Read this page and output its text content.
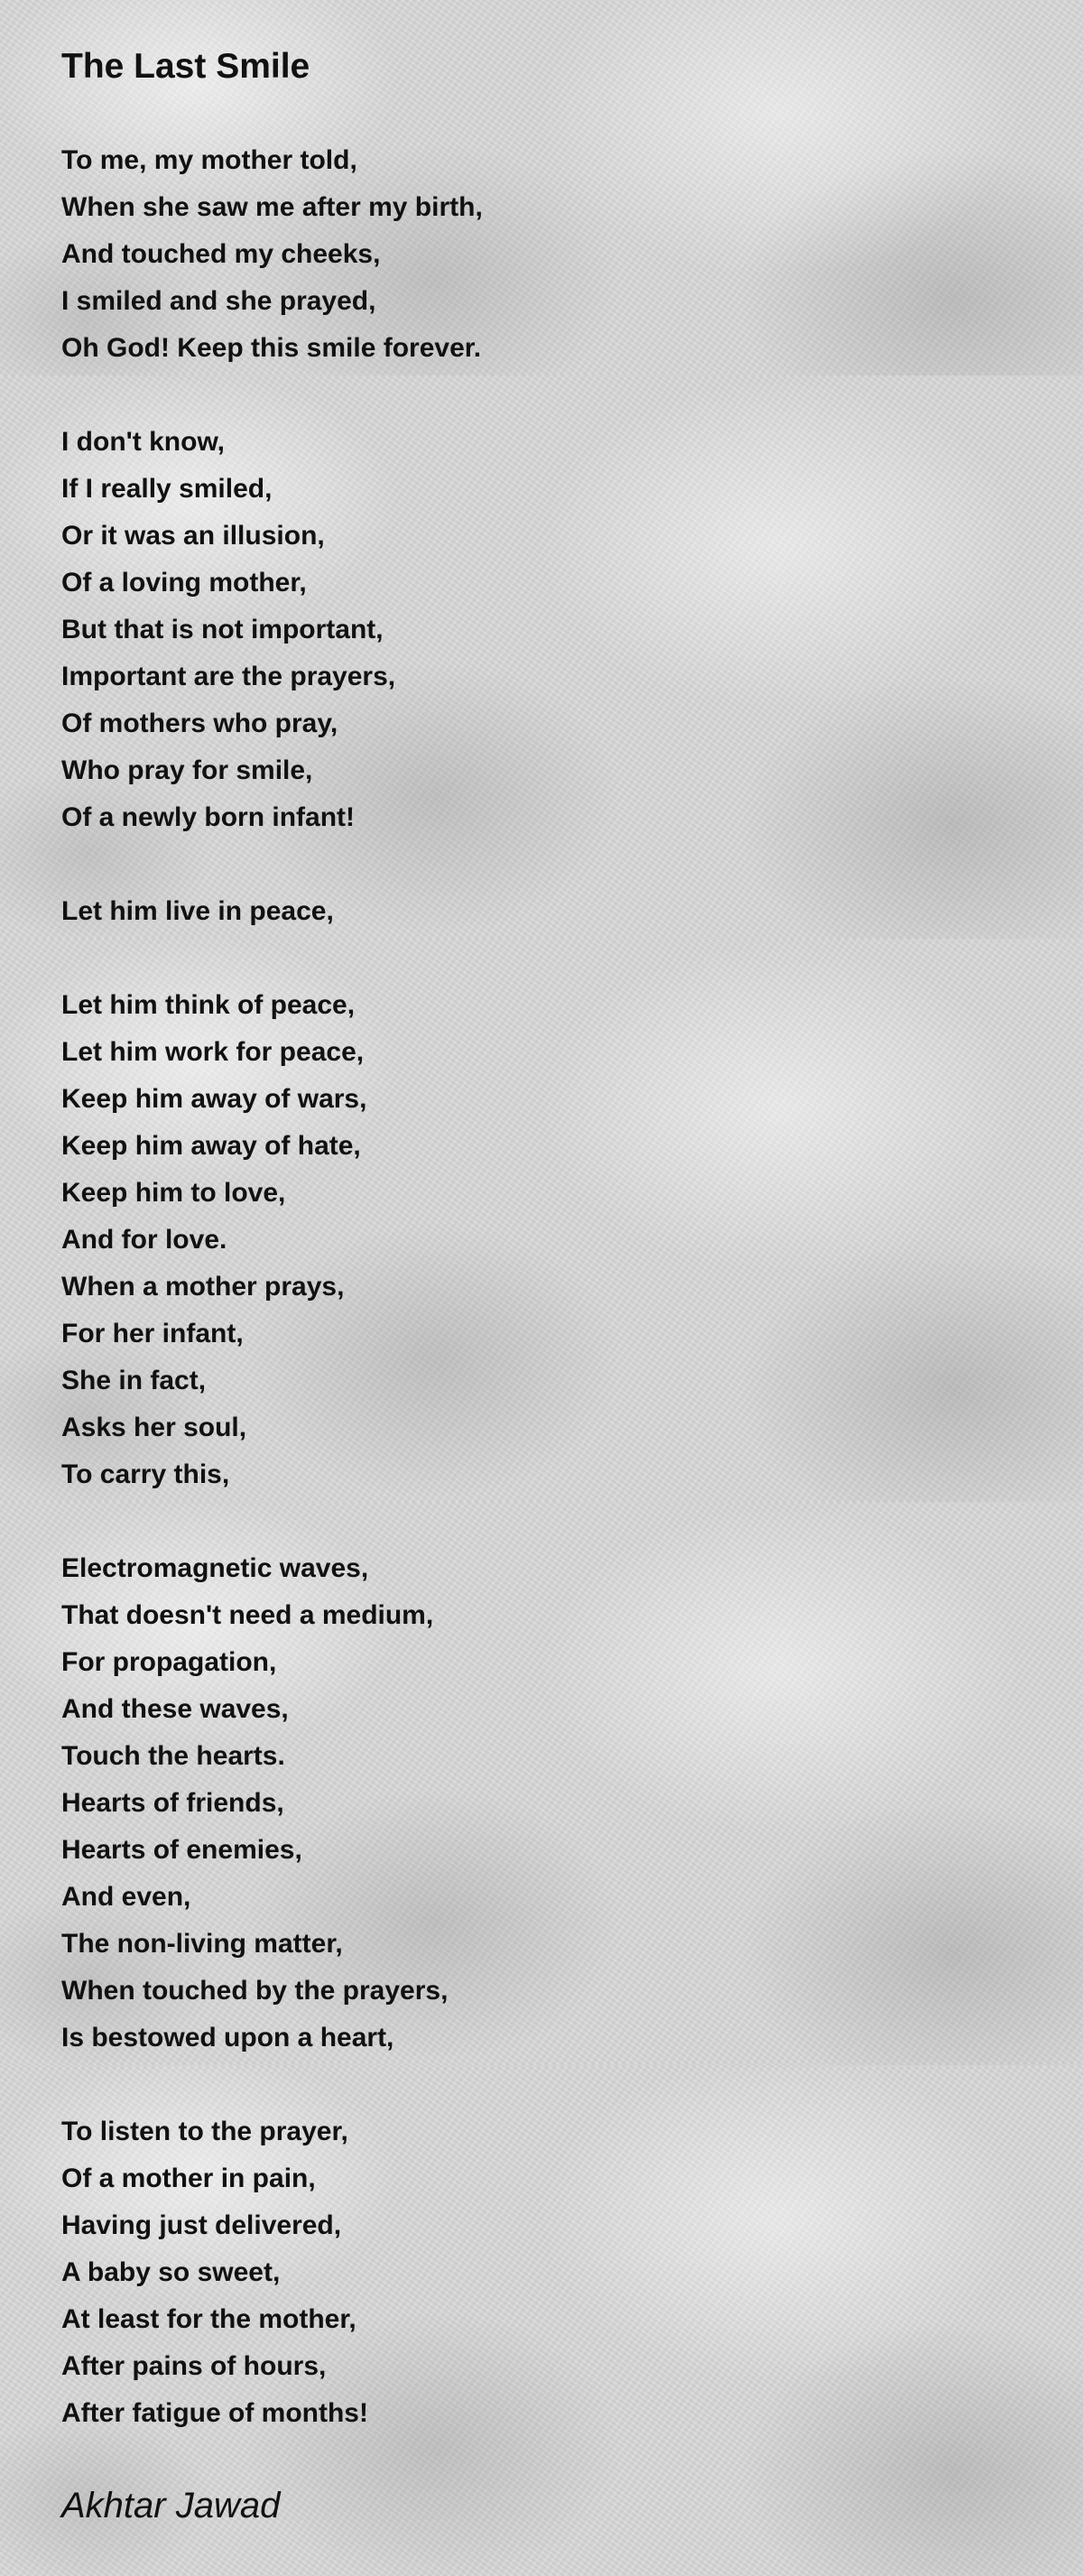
The Last Smile
To me, my mother told,
When she saw me after my birth,
And touched my cheeks,
I smiled and she prayed,
Oh God! Keep this smile forever.
I don't know,
If I really smiled,
Or it was an illusion,
Of a loving mother,
But that is not important,
Important are the prayers,
Of mothers who pray,
Who pray for smile,
Of a newly born infant!
Let him live in peace,
Let him think of peace,
Let him work for peace,
Keep him away of wars,
Keep him away of hate,
Keep him to love,
And for love.
When a mother prays,
For her infant,
She in fact,
Asks her soul,
To carry this,
Electromagnetic waves,
That doesn't need a medium,
For propagation,
And these waves,
Touch the hearts.
Hearts of friends,
Hearts of enemies,
And even,
The non-living matter,
When touched by the prayers,
Is bestowed upon a heart,
To listen to the prayer,
Of a mother in pain,
Having just delivered,
A baby so sweet,
At least for the mother,
After pains of hours,
After fatigue of months!
Akhtar Jawad
